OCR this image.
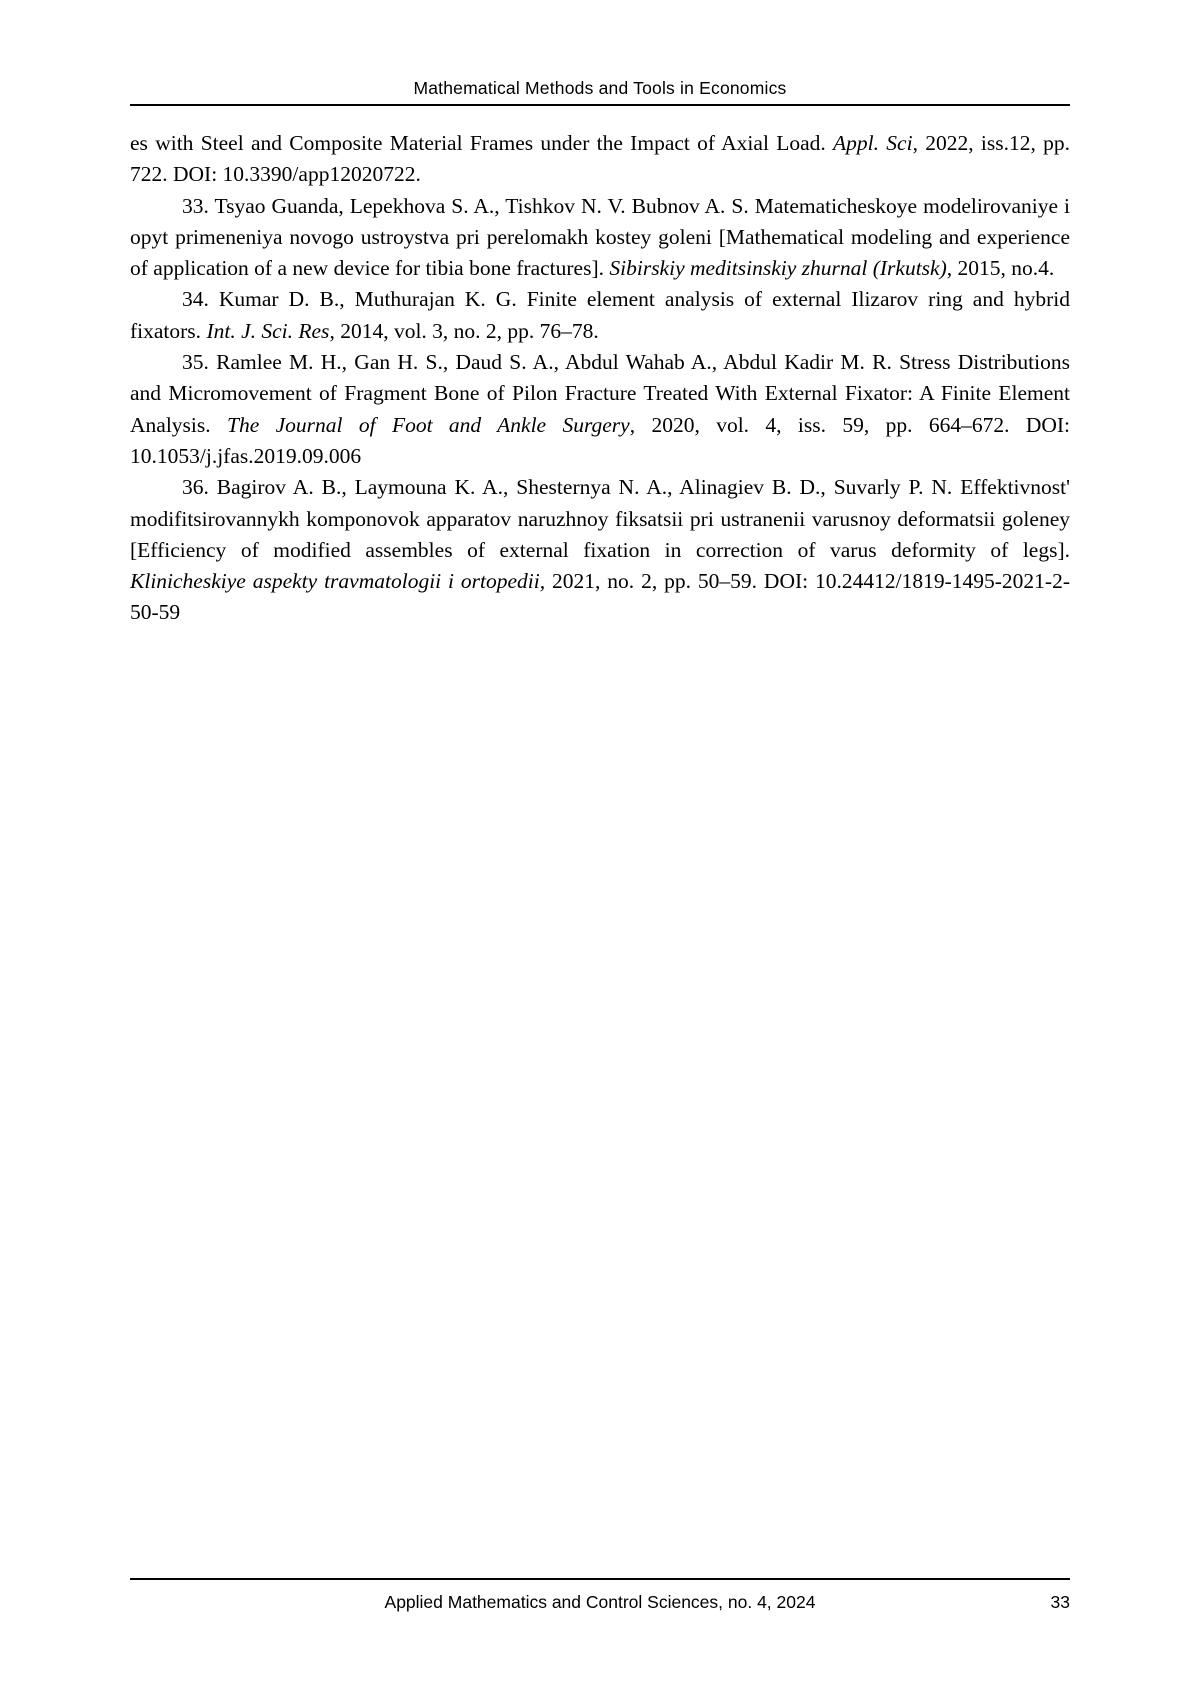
Mathematical Methods and Tools in Economics

es with Steel and Composite Material Frames under the Impact of Axial Load. Appl. Sci, 2022, iss.12, pp. 722. DOI: 10.3390/app12020722.

33. Tsyao Guanda, Lepekhova S. A., Tishkov N. V. Bubnov A. S. Matematicheskoye modelirovaniye i opyt primeneniya novogo ustroystva pri perelomakh kostey goleni [Mathematical modeling and experience of application of a new device for tibia bone fractures]. Sibirskiy meditsinskiy zhurnal (Irkutsk), 2015, no.4.

34. Kumar D. B., Muthurajan K. G. Finite element analysis of external Ilizarov ring and hybrid fixators. Int. J. Sci. Res, 2014, vol. 3, no. 2, pp. 76–78.

35. Ramlee M. H., Gan H. S., Daud S. A., Abdul Wahab A., Abdul Kadir M. R. Stress Distributions and Micromovement of Fragment Bone of Pilon Fracture Treated With External Fixator: A Finite Element Analysis. The Journal of Foot and Ankle Surgery, 2020, vol. 4, iss. 59, pp. 664–672. DOI: 10.1053/j.jfas.2019.09.006

36. Bagirov A. B., Laymouna K. A., Shesternya N. A., Alinagiev B. D., Suvarly P. N. Effektivnost' modifitsirovannykh komponovok apparatov naruzhnoy fiksatsii pri ustranenii varusnoy deformatsii goleney [Efficiency of modified assembles of external fixation in correction of varus deformity of legs]. Klinicheskiye aspekty travmatologii i ortopedii, 2021, no. 2, pp. 50–59. DOI: 10.24412/1819-1495-2021-2-50-59

Applied Mathematics and Control Sciences, no. 4, 2024	33
